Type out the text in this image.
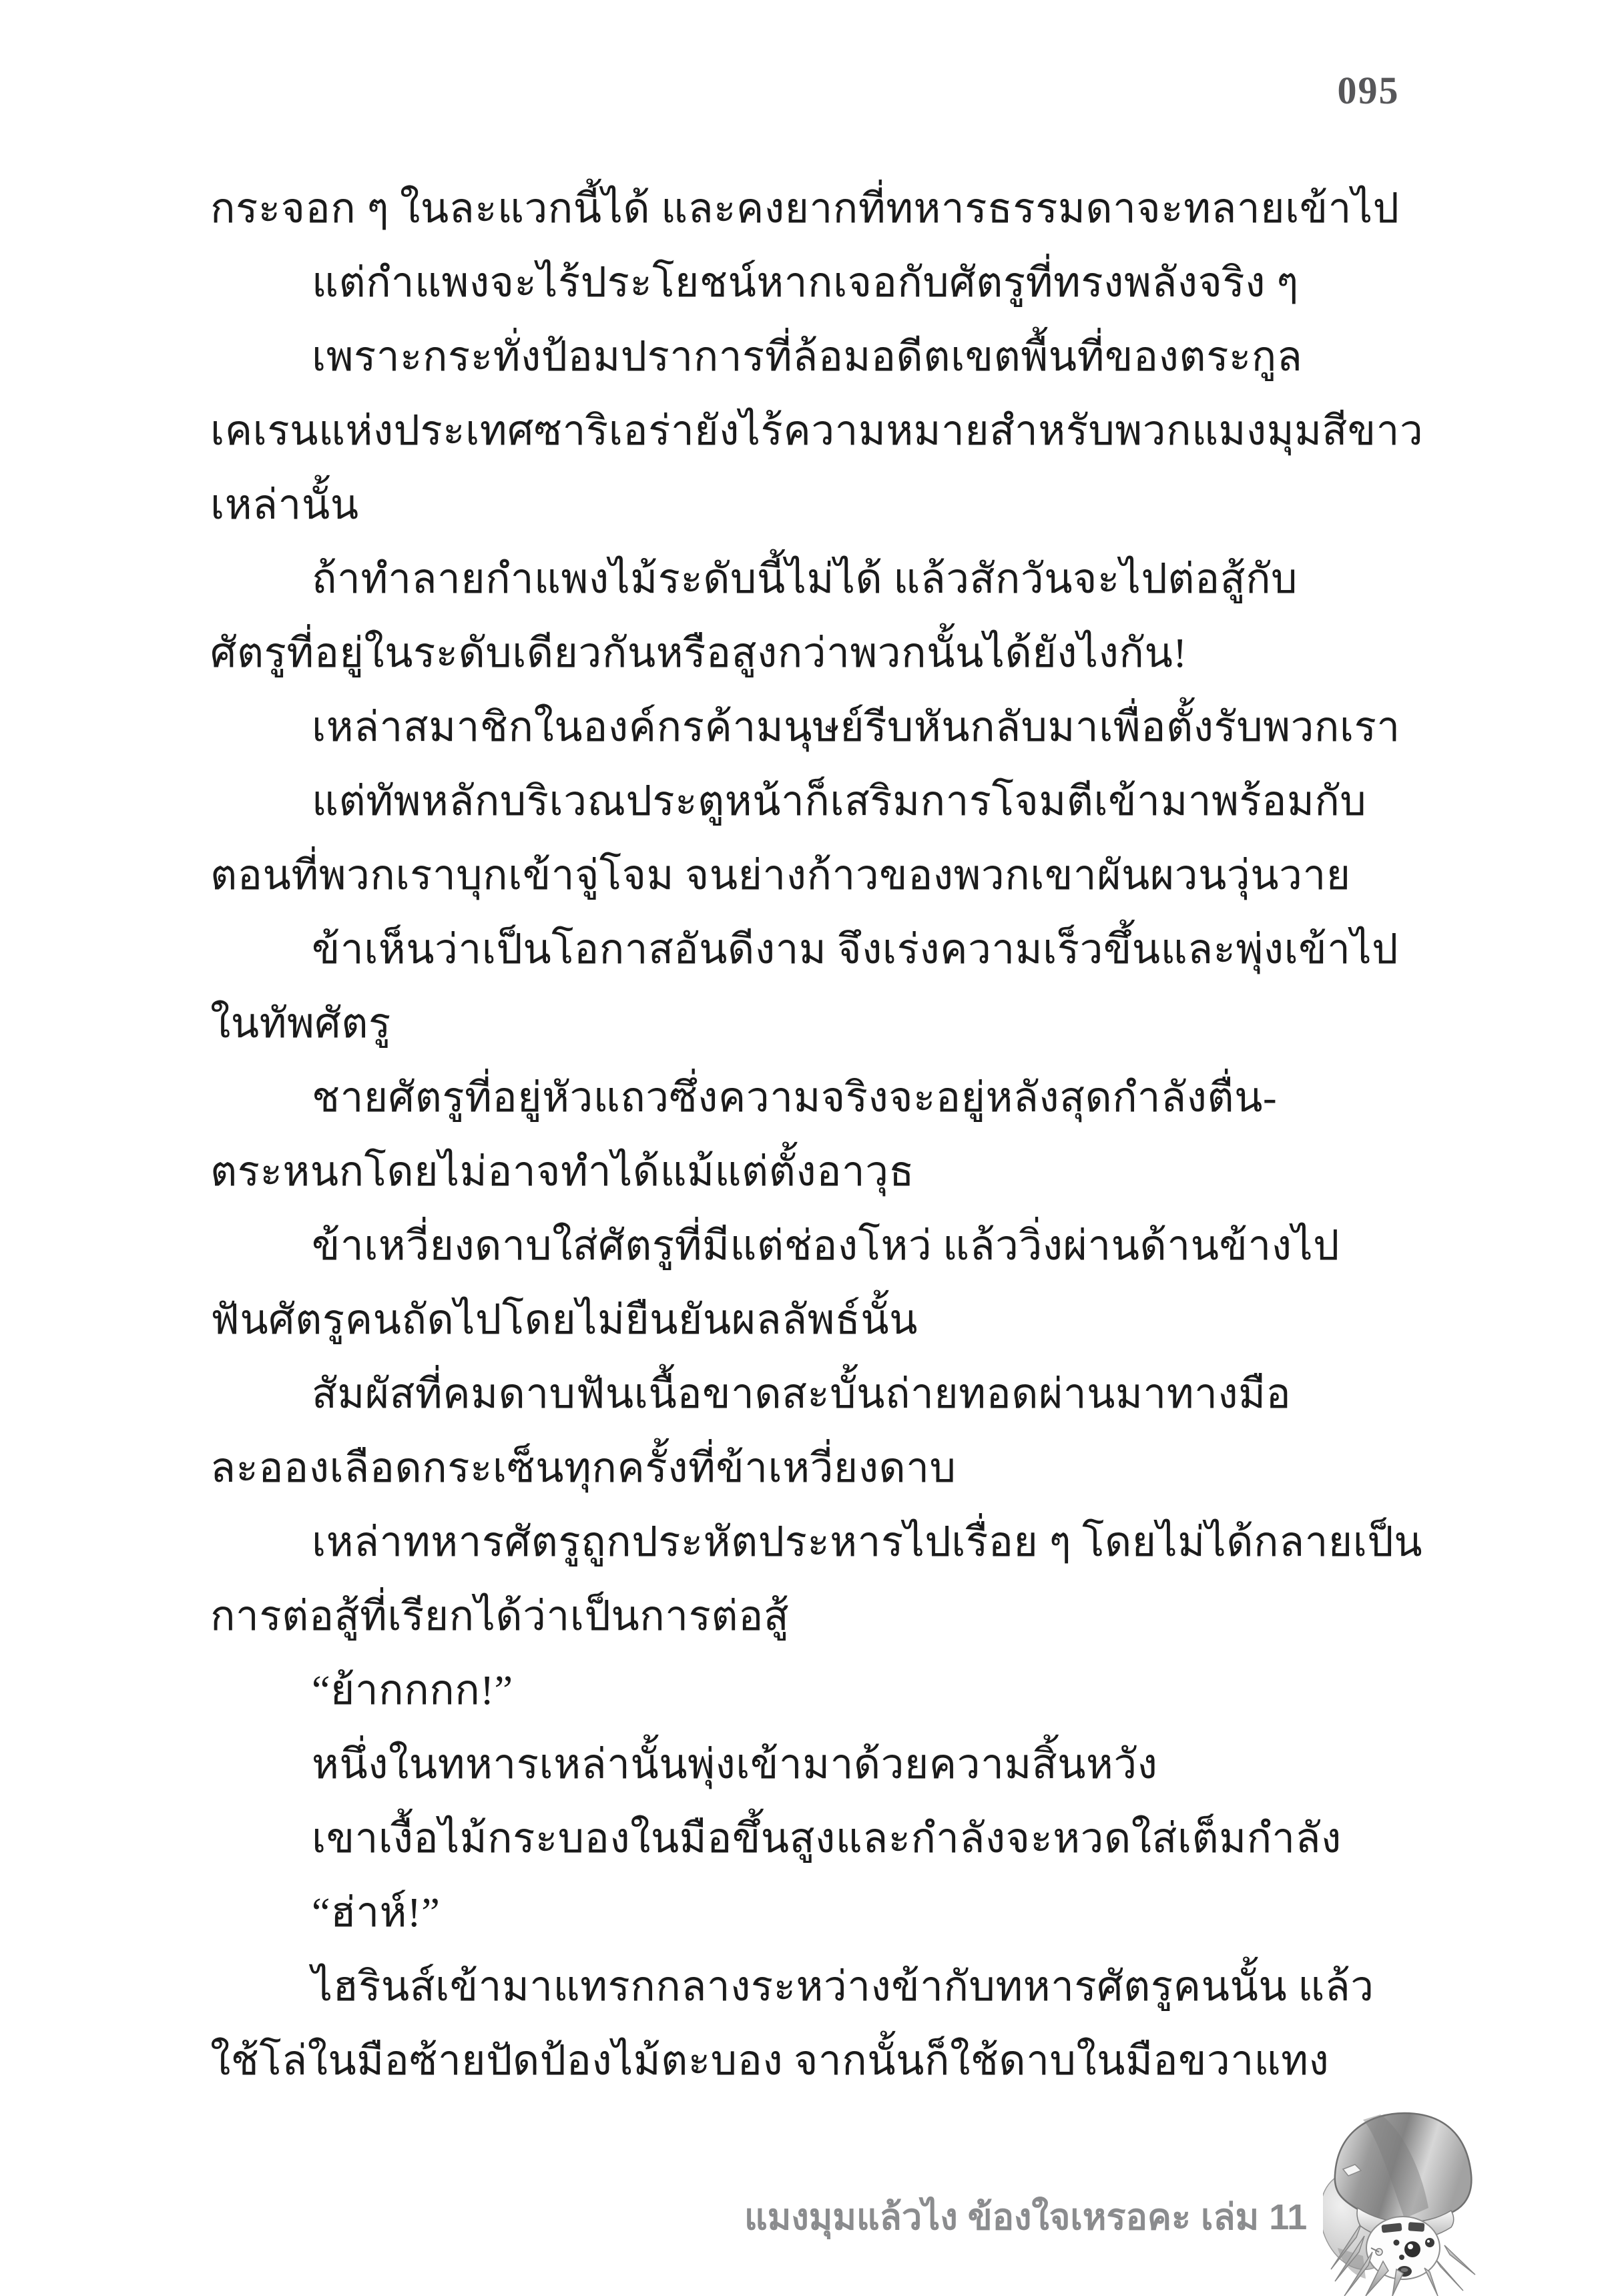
095
กระจอก ๆ ในละแวกนี้ได้ และคงยากที่ทหารธรรมดาจะทลายเข้าไป
แต่กำแพงจะไร้ประโยชน์หากเจอกับศัตรูที่ทรงพลังจริง ๆ
เพราะกระทั่งป้อมปราการที่ล้อมอดีตเขตพื้นที่ของตระกูล
เคเรนแห่งประเทศซาริเอร่ายังไร้ความหมายสำหรับพวกแมงมุมสีขาว
เหล่านั้น
ถ้าทำลายกำแพงไม้ระดับนี้ไม่ได้ แล้วสักวันจะไปต่อสู้กับ
ศัตรูที่อยู่ในระดับเดียวกันหรือสูงกว่าพวกนั้นได้ยังไงกัน!
เหล่าสมาชิกในองค์กรค้ามนุษย์รีบหันกลับมาเพื่อตั้งรับพวกเรา
แต่ทัพหลักบริเวณประตูหน้าก็เสริมการโจมตีเข้ามาพร้อมกับ
ตอนที่พวกเราบุกเข้าจู่โจม จนย่างก้าวของพวกเขาผันผวนวุ่นวาย
ข้าเห็นว่าเป็นโอกาสอันดีงาม จึงเร่งความเร็วขึ้นและพุ่งเข้าไป
ในทัพศัตรู
ชายศัตรูที่อยู่หัวแถวซึ่งความจริงจะอยู่หลังสุดกำลังตื่น-
ตระหนกโดยไม่อาจทำได้แม้แต่ตั้งอาวุธ
ข้าเหวี่ยงดาบใส่ศัตรูที่มีแต่ช่องโหว่ แล้ววิ่งผ่านด้านข้างไป
ฟันศัตรูคนถัดไปโดยไม่ยืนยันผลลัพธ์นั้น
สัมผัสที่คมดาบฟันเนื้อขาดสะบั้นถ่ายทอดผ่านมาทางมือ
ละอองเลือดกระเซ็นทุกครั้งที่ข้าเหวี่ยงดาบ
เหล่าทหารศัตรูถูกประหัตประหารไปเรื่อย ๆ โดยไม่ได้กลายเป็น
การต่อสู้ที่เรียกได้ว่าเป็นการต่อสู้
“ย้ากกกก!”
หนึ่งในทหารเหล่านั้นพุ่งเข้ามาด้วยความสิ้นหวัง
เขาเงื้อไม้กระบองในมือขึ้นสูงและกำลังจะหวดใส่เต็มกำลัง
“ฮ่าห์!”
ไฮรินส์เข้ามาแทรกกลางระหว่างข้ากับทหารศัตรูคนนั้น แล้ว
ใช้โล่ในมือซ้ายปัดป้องไม้ตะบอง จากนั้นก็ใช้ดาบในมือขวาแทง
แมงมุมแล้วไง ข้องใจเหรอคะ เล่ม 11
